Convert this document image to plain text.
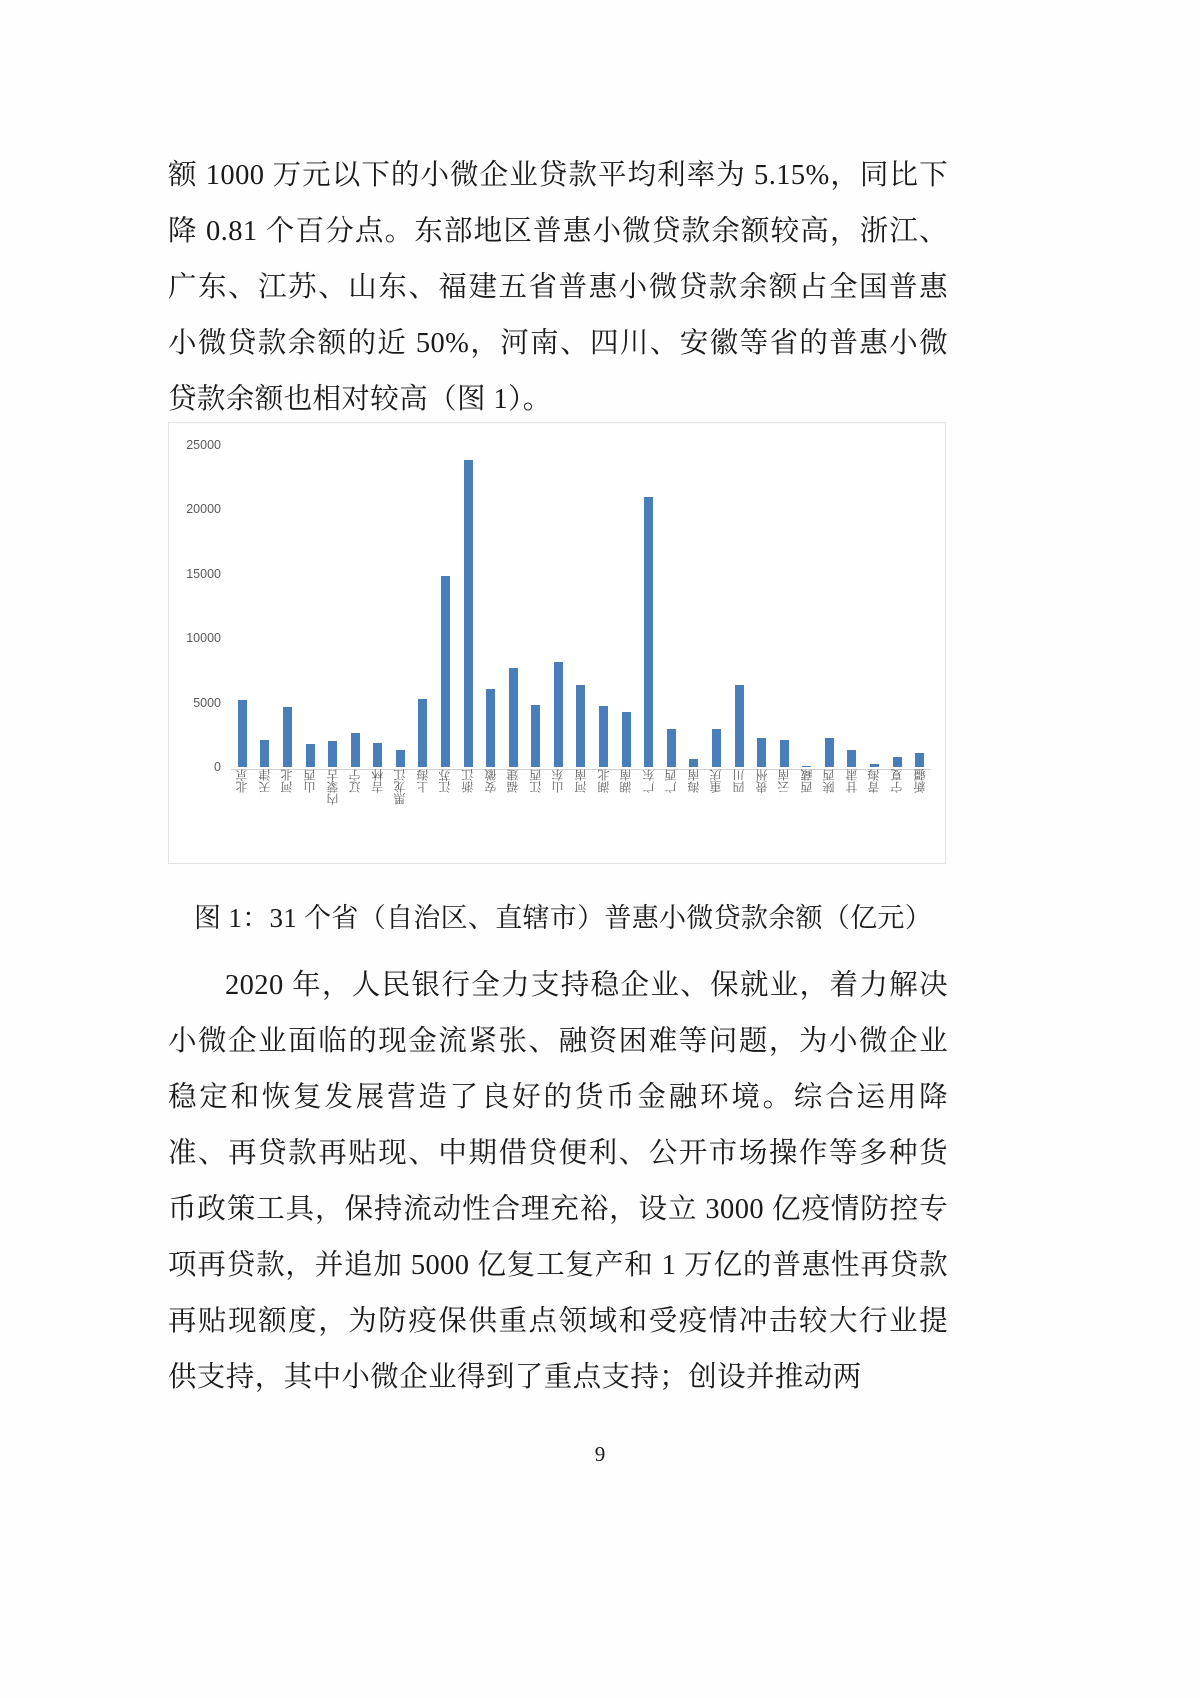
额 1000 万元以下的小微企业贷款平均利率为 5.15%，同比下降 0.81 个百分点。东部地区普惠小微贷款余额较高，浙江、广东、江苏、山东、福建五省普惠小微贷款余额占全国普惠小微贷款余额的近 50%，河南、四川、安徽等省的普惠小微贷款余额也相对较高（图 1）。

25000
20000
15000
10000
5000
0
北京 天津 河北 山西 内蒙古 辽宁 吉林 黑龙江 上海 江苏 浙江 安徽 福建 江西 山东 河南 湖北 湖南 广东 广西 海南 重庆 四川 贵州 云南 西藏 陕西 甘肃 青海 宁夏 新疆
图 1：31 个省（自治区、直辖市）普惠小微贷款余额（亿元）

2020 年，人民银行全力支持稳企业、保就业，着力解决小微企业面临的现金流紧张、融资困难等问题，为小微企业稳定和恢复发展营造了良好的货币金融环境。综合运用降准、再贷款再贴现、中期借贷便利、公开市场操作等多种货币政策工具，保持流动性合理充裕，设立 3000 亿疫情防控专项再贷款，并追加 5000 亿复工复产和 1 万亿的普惠性再贷款再贴现额度，为防疫保供重点领域和受疫情冲击较大行业提供支持，其中小微企业得到了重点支持；创设并推动两

9
